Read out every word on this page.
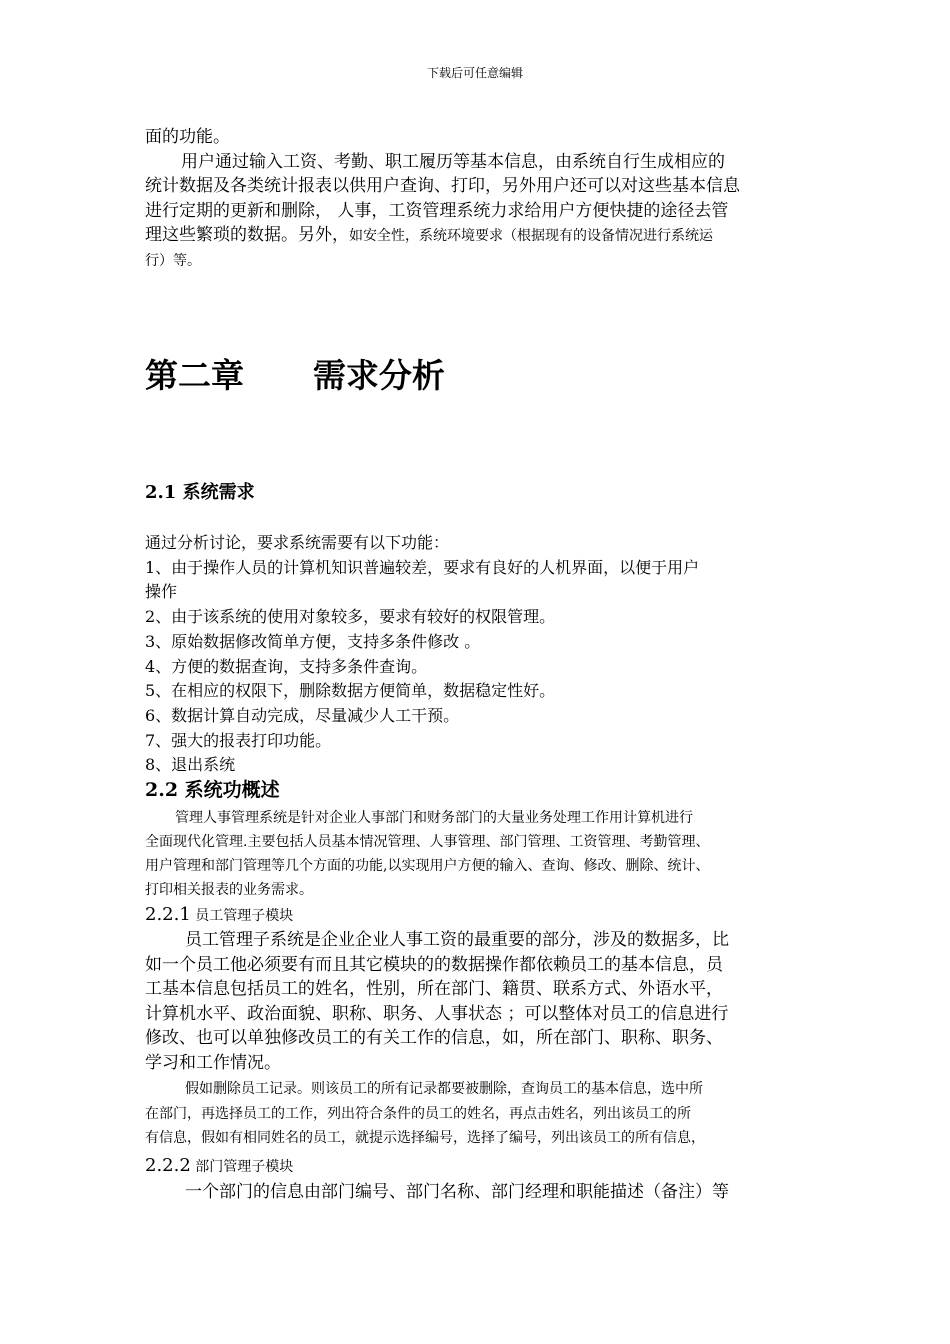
下载后可任意编辑
面的功能。
用户通过输入工资、考勤、职工履历等基本信息，由系统自行生成相应的
统计数据及各类统计报表以供用户查询、打印，另外用户还可以对这些基本信息
进行定期的更新和删除， 人事，工资管理系统力求给用户方便快捷的途径去管
理这些繁琐的数据。另外，如安全性，系统环境要求（根据现有的设备情况进行系统运
行）等。
第二章      需求分析
2.1 系统需求
通过分析讨论，要求系统需要有以下功能：
1、由于操作人员的计算机知识普遍较差，要求有良好的人机界面，以便于用户
操作
2、由于该系统的使用对象较多，要求有较好的权限管理。
3、原始数据修改简单方便，支持多条件修改 。
4、方便的数据查询，支持多条件查询。
5、在相应的权限下，删除数据方便简单，数据稳定性好。
6、数据计算自动完成，尽量减少人工干预。
7、强大的报表打印功能。
8、退出系统
2.2 系统功概述
管理人事管理系统是针对企业人事部门和财务部门的大量业务处理工作用计算机进行
全面现代化管理.主要包括人员基本情况管理、人事管理、部门管理、工资管理、考勤管理、
用户管理和部门管理等几个方面的功能,以实现用户方便的输入、查询、修改、删除、统计、
打印相关报表的业务需求。
2.2.1 员工管理子模块
员工管理子系统是企业企业人事工资的最重要的部分，涉及的数据多，比
如一个员工他必须要有而且其它模块的的数据操作都依赖员工的基本信息，员
工基本信息包括员工的姓名，性别，所在部门、籍贯、联系方式、外语水平，
计算机水平、政治面貌、职称、职务、人事状态 ；可以整体对员工的信息进行
修改、也可以单独修改员工的有关工作的信息，如，所在部门、职称、职务、
学习和工作情况。
假如删除员工记录。则该员工的所有记录都要被删除，查询员工的基本信息，选中所
在部门，再选择员工的工作，列出符合条件的员工的姓名，再点击姓名，列出该员工的所
有信息，假如有相同姓名的员工，就提示选择编号，选择了编号，列出该员工的所有信息，
2.2.2 部门管理子模块
一个部门的信息由部门编号、部门名称、部门经理和职能描述（备注）等
